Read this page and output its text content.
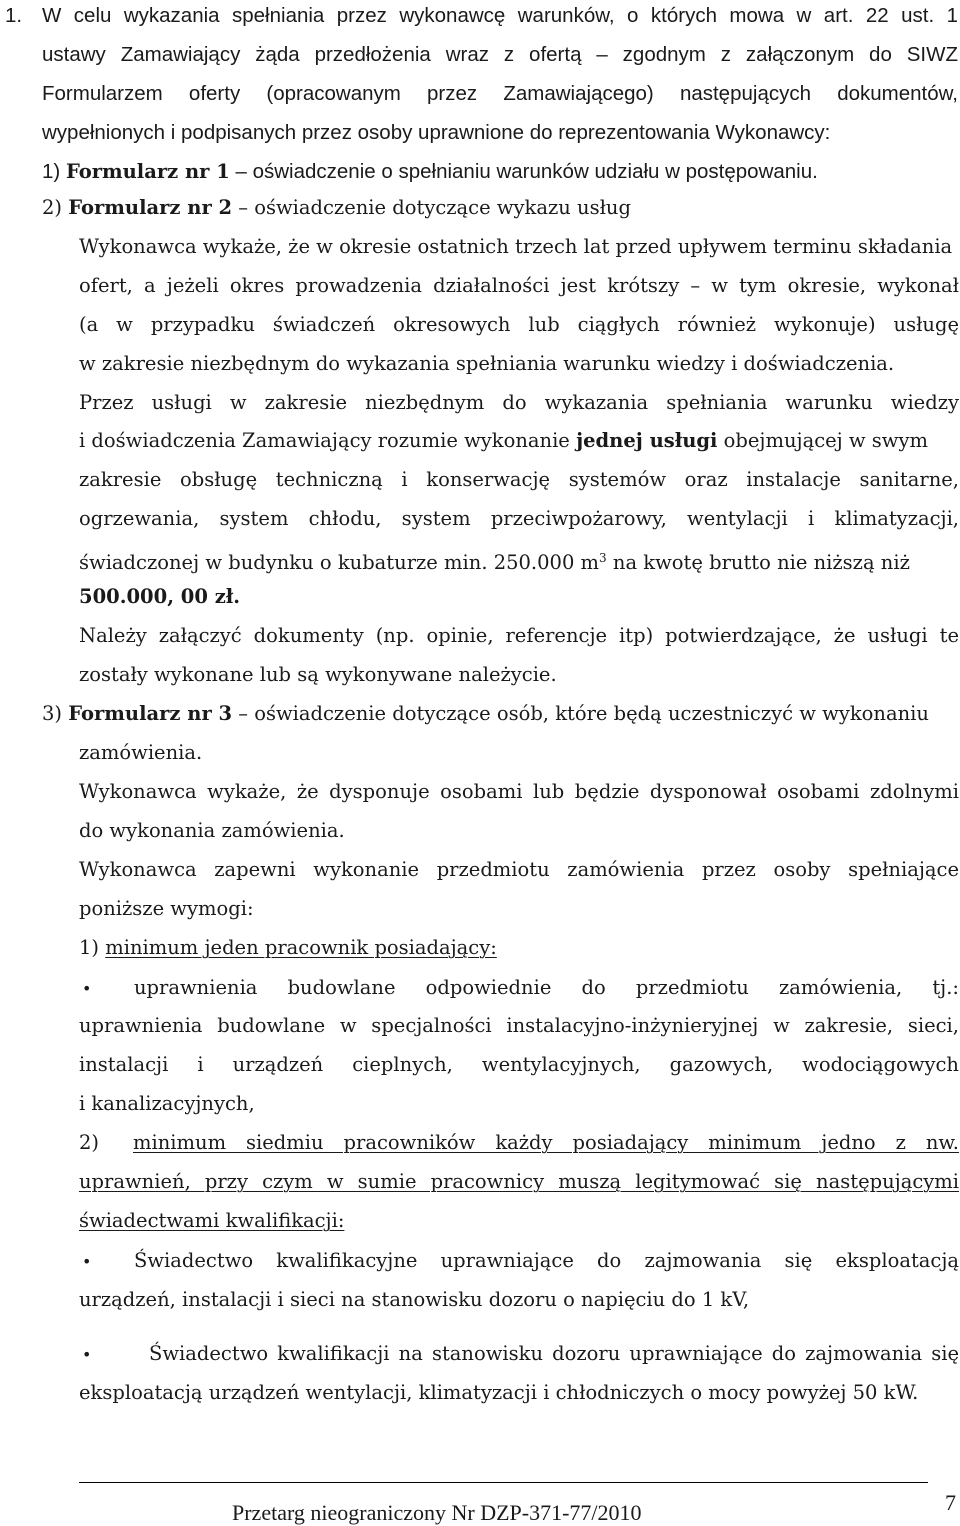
1. W celu wykazania spełniania przez wykonawcę warunków, o których mowa w art. 22 ust. 1
ustawy Zamawiający żąda przedłożenia wraz z ofertą – zgodnym z załączonym do SIWZ
Formularzem oferty (opracowanym przez Zamawiającego) następujących dokumentów,
wypełnionych i podpisanych przez osoby uprawnione do reprezentowania Wykonawcy:
1) Formularz nr 1 – oświadczenie o spełnianiu warunków udziału w postępowaniu.
2) Formularz nr 2 – oświadczenie dotyczące wykazu usług
Wykonawca wykaże, że w okresie ostatnich trzech lat przed upływem terminu składania
ofert, a jeżeli okres prowadzenia działalności jest krótszy – w tym okresie, wykonał
(a w przypadku świadczeń okresowych lub ciągłych również wykonuje) usługę
w zakresie niezbędnym do wykazania spełniania warunku wiedzy i doświadczenia.
Przez usługi w zakresie niezbędnym do wykazania spełniania warunku wiedzy
i doświadczenia Zamawiający rozumie wykonanie jednej usługi obejmującej w swym
zakresie obsługę techniczną i konserwację systemów oraz instalacje sanitarne,
ogrzewania, system chłodu, system przeciwpożarowy, wentylacji i klimatyzacji,
świadczonej w budynku o kubaturze min. 250.000 $m^3$ na kwotę brutto nie niższą niż
500.000, 00 zł.
Należy załączyć dokumenty (np. opinie, referencje itp) potwierdzające, że usługi te
zostały wykonane lub są wykonywane należycie.
3) Formularz nr 3 – oświadczenie dotyczące osób, które będą uczestniczyć w wykonaniu
zamówienia.
Wykonawca wykaże, że dysponuje osobami lub będzie dysponował osobami zdolnymi
do wykonania zamówienia.
Wykonawca zapewni wykonanie przedmiotu zamówienia przez osoby spełniające
poniższe wymogi:
1) minimum jeden pracownik posiadający:
• uprawnienia budowlane odpowiednie do przedmiotu zamówienia, tj.:
uprawnienia budowlane w specjalności instalacyjno-inżynieryjnej w zakresie, sieci,
instalacji i urządzeń cieplnych, wentylacyjnych, gazowych, wodociągowych
i kanalizacyjnych,
2) minimum siedmiu pracowników każdy posiadający minimum jedno z nw.
uprawnień, przy czym w sumie pracownicy muszą legitymować się następującymi
świadectwami kwalifikacji:
• Świadectwo kwalifikacyjne uprawniające do zajmowania się eksploatacją
urządzeń, instalacji i sieci na stanowisku dozoru o napięciu do 1 kV,
•	Świadectwo kwalifikacji na stanowisku dozoru uprawniające do zajmowania się
eksploatacją urządzeń wentylacji, klimatyzacji i chłodniczych o mocy powyżej 50 kW.
Przetarg nieograniczony Nr DZP-371-77/2010	7
